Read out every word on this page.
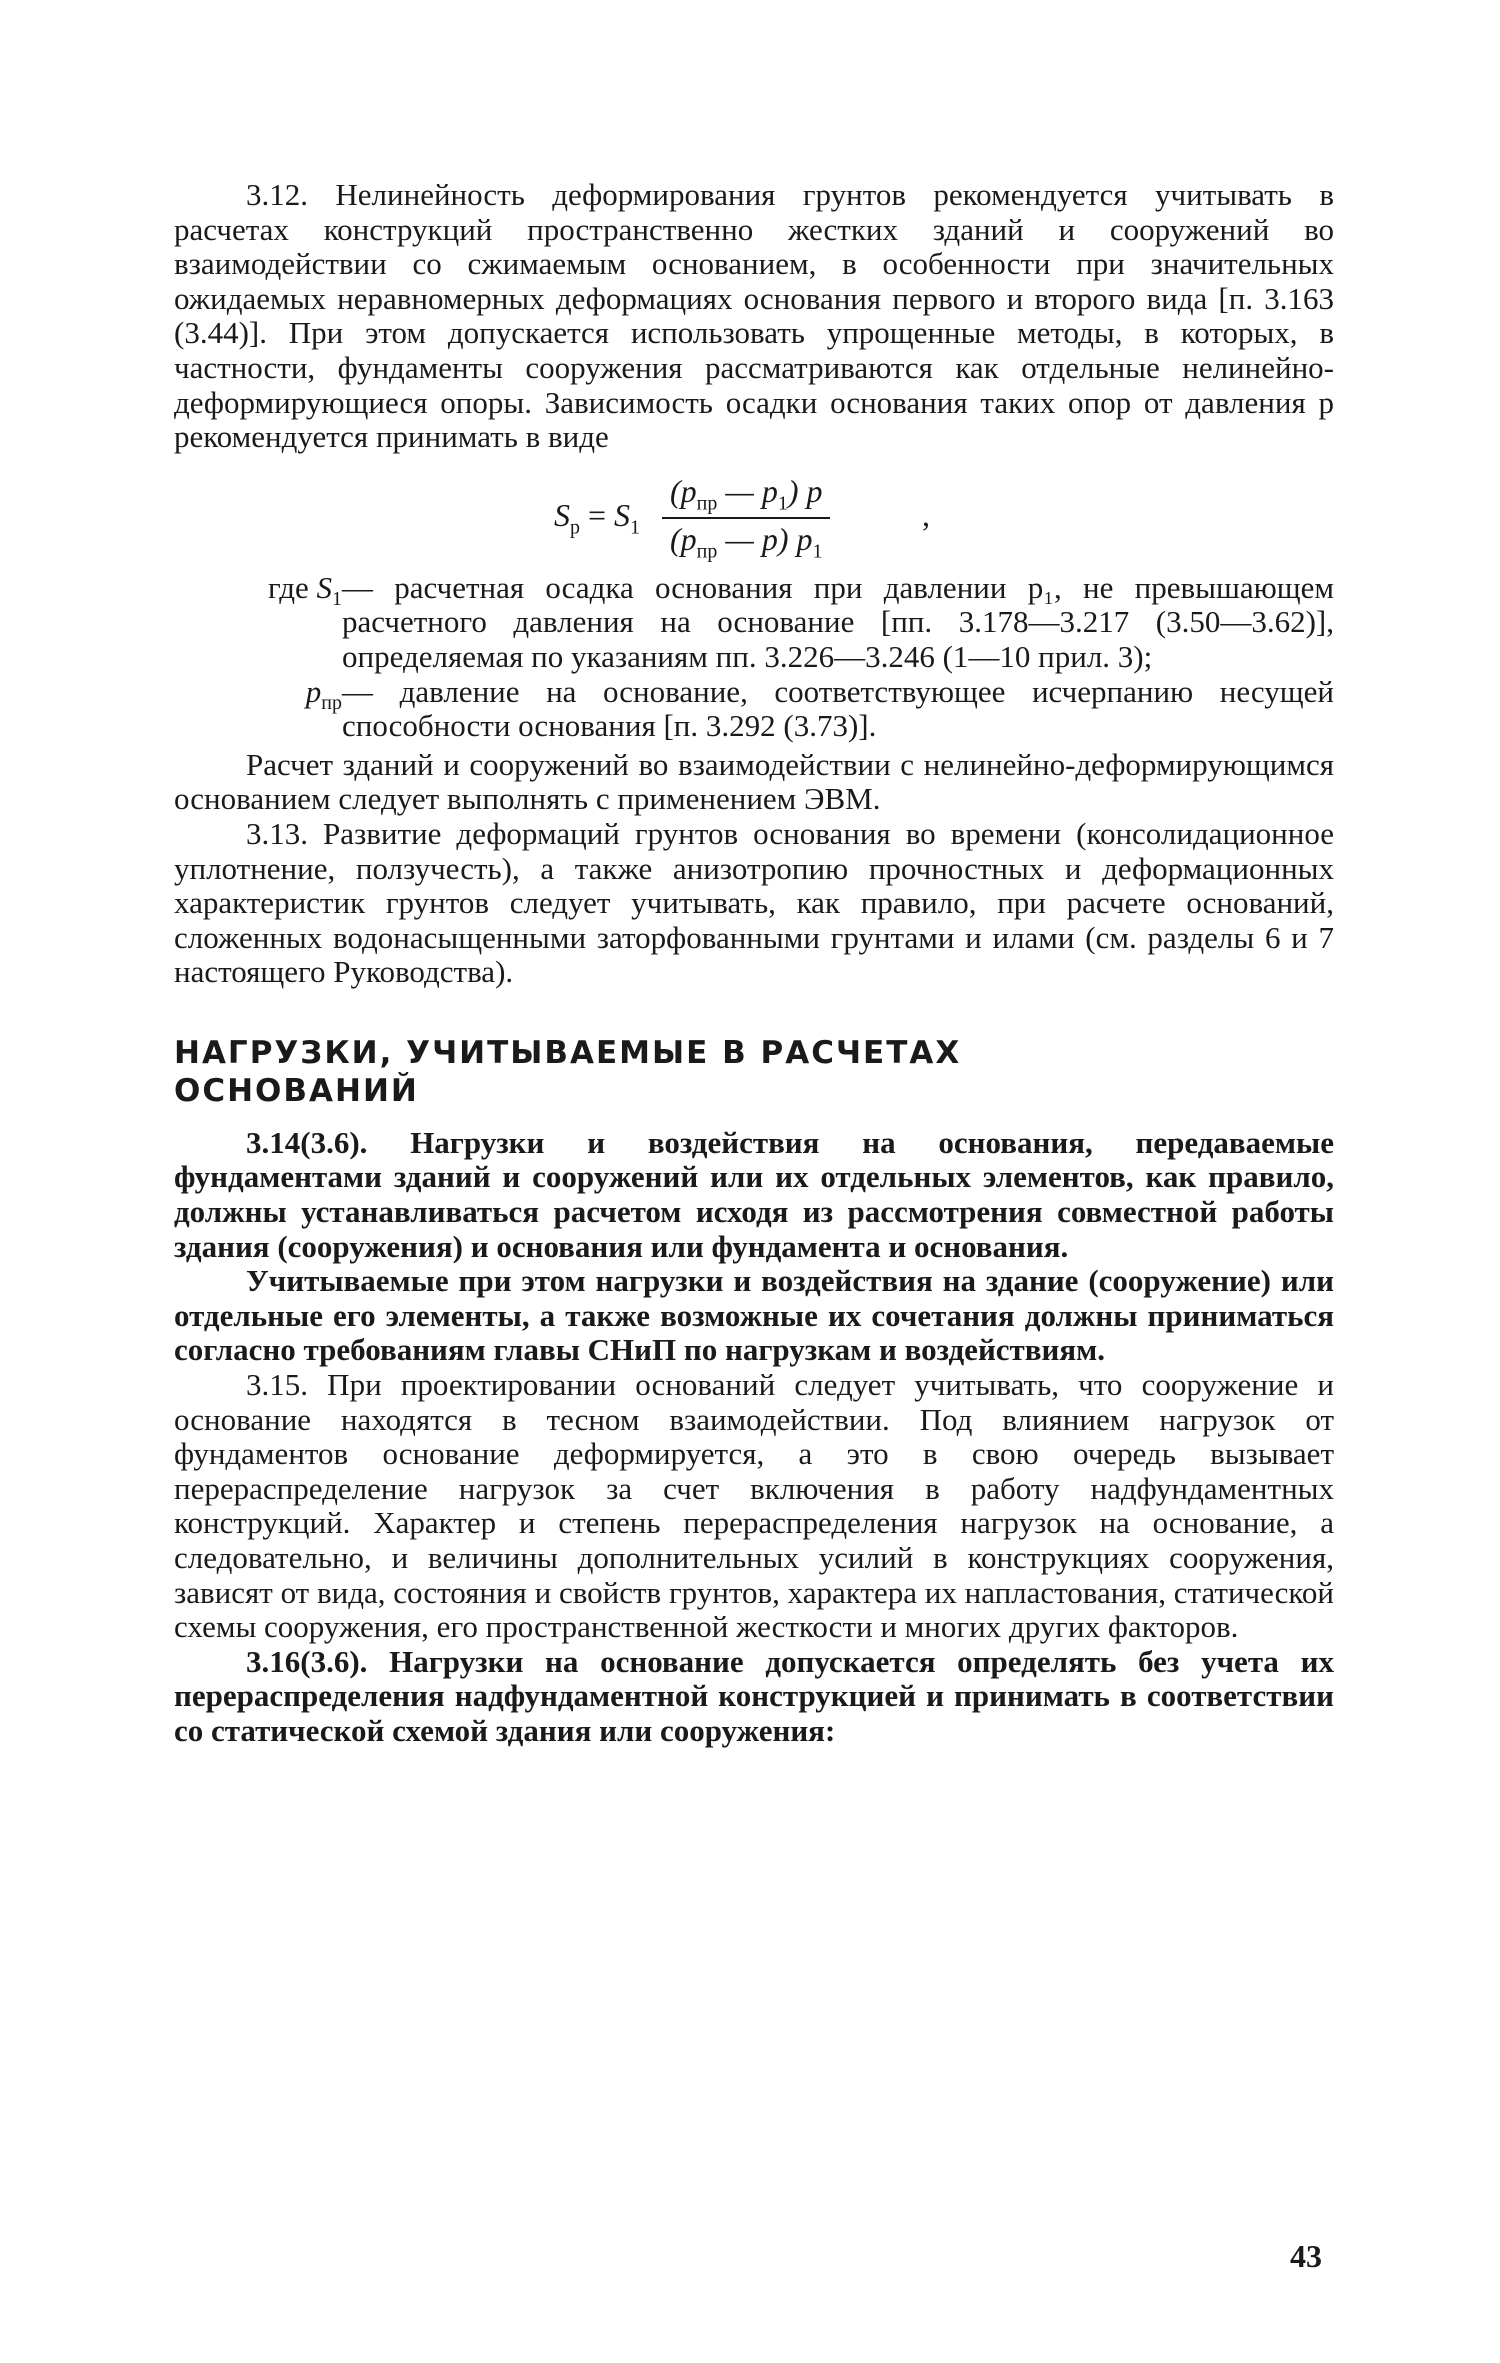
3.12. Нелинейность деформирования грунтов рекомендуется учитывать в расчетах конструкций пространственно жестких зданий и сооружений во взаимодействии со сжимаемым основанием, в особенности при значительных ожидаемых неравномерных деформациях основания первого и второго вида [п. 3.163 (3.44)]. При этом допускается использовать упрощенные методы, в которых, в частности, фундаменты сооружения рассматриваются как отдельные нелинейно-деформирующиеся опоры. Зависимость осадки основания таких опор от давления p рекомендуется принимать в виде

$S_p = S_1$
($p_{пр}$ — $p_1$) p
($p_{пр}$ — p) $p_1$
,
где $S_1$ — расчетная осадка основания при давлении p₁, не превышающем расчетного давления на основание [пп. 3.178—3.217 (3.50—3.62)], определяемая по указаниям пп. 3.226—3.246 (1—10 прил. 3);
$p_{пр}$ — давление на основание, соответствующее исчерпанию несущей способности основания [п. 3.292 (3.73)].

Расчет зданий и сооружений во взаимодействии с нелинейно-деформирующимся основанием следует выполнять с применением ЭВМ.

3.13. Развитие деформаций грунтов основания во времени (консолидационное уплотнение, ползучесть), а также анизотропию прочностных и деформационных характеристик грунтов следует учитывать, как правило, при расчете оснований, сложенных водонасыщенными заторфованными грунтами и илами (см. разделы 6 и 7 настоящего Руководства).

НАГРУЗКИ, УЧИТЫВАЕМЫЕ В РАСЧЕТАХ ОСНОВАНИЙ

3.14(3.6). Нагрузки и воздействия на основания, передаваемые фундаментами зданий и сооружений или их отдельных элементов, как правило, должны устанавливаться расчетом исходя из рассмотрения совместной работы здания (сооружения) и основания или фундамента и основания.

Учитываемые при этом нагрузки и воздействия на здание (сооружение) или отдельные его элементы, а также возможные их сочетания должны приниматься согласно требованиям главы СНиП по нагрузкам и воздействиям.

3.15. При проектировании оснований следует учитывать, что сооружение и основание находятся в тесном взаимодействии. Под влиянием нагрузок от фундаментов основание деформируется, а это в свою очередь вызывает перераспределение нагрузок за счет включения в работу надфундаментных конструкций. Характер и степень перераспределения нагрузок на основание, а следовательно, и величины дополнительных усилий в конструкциях сооружения, зависят от вида, состояния и свойств грунтов, характера их напластования, статической схемы сооружения, его пространственной жесткости и многих других факторов.

3.16(3.6). Нагрузки на основание допускается определять без учета их перераспределения надфундаментной конструкцией и принимать в соответствии со статической схемой здания или сооружения:

43
